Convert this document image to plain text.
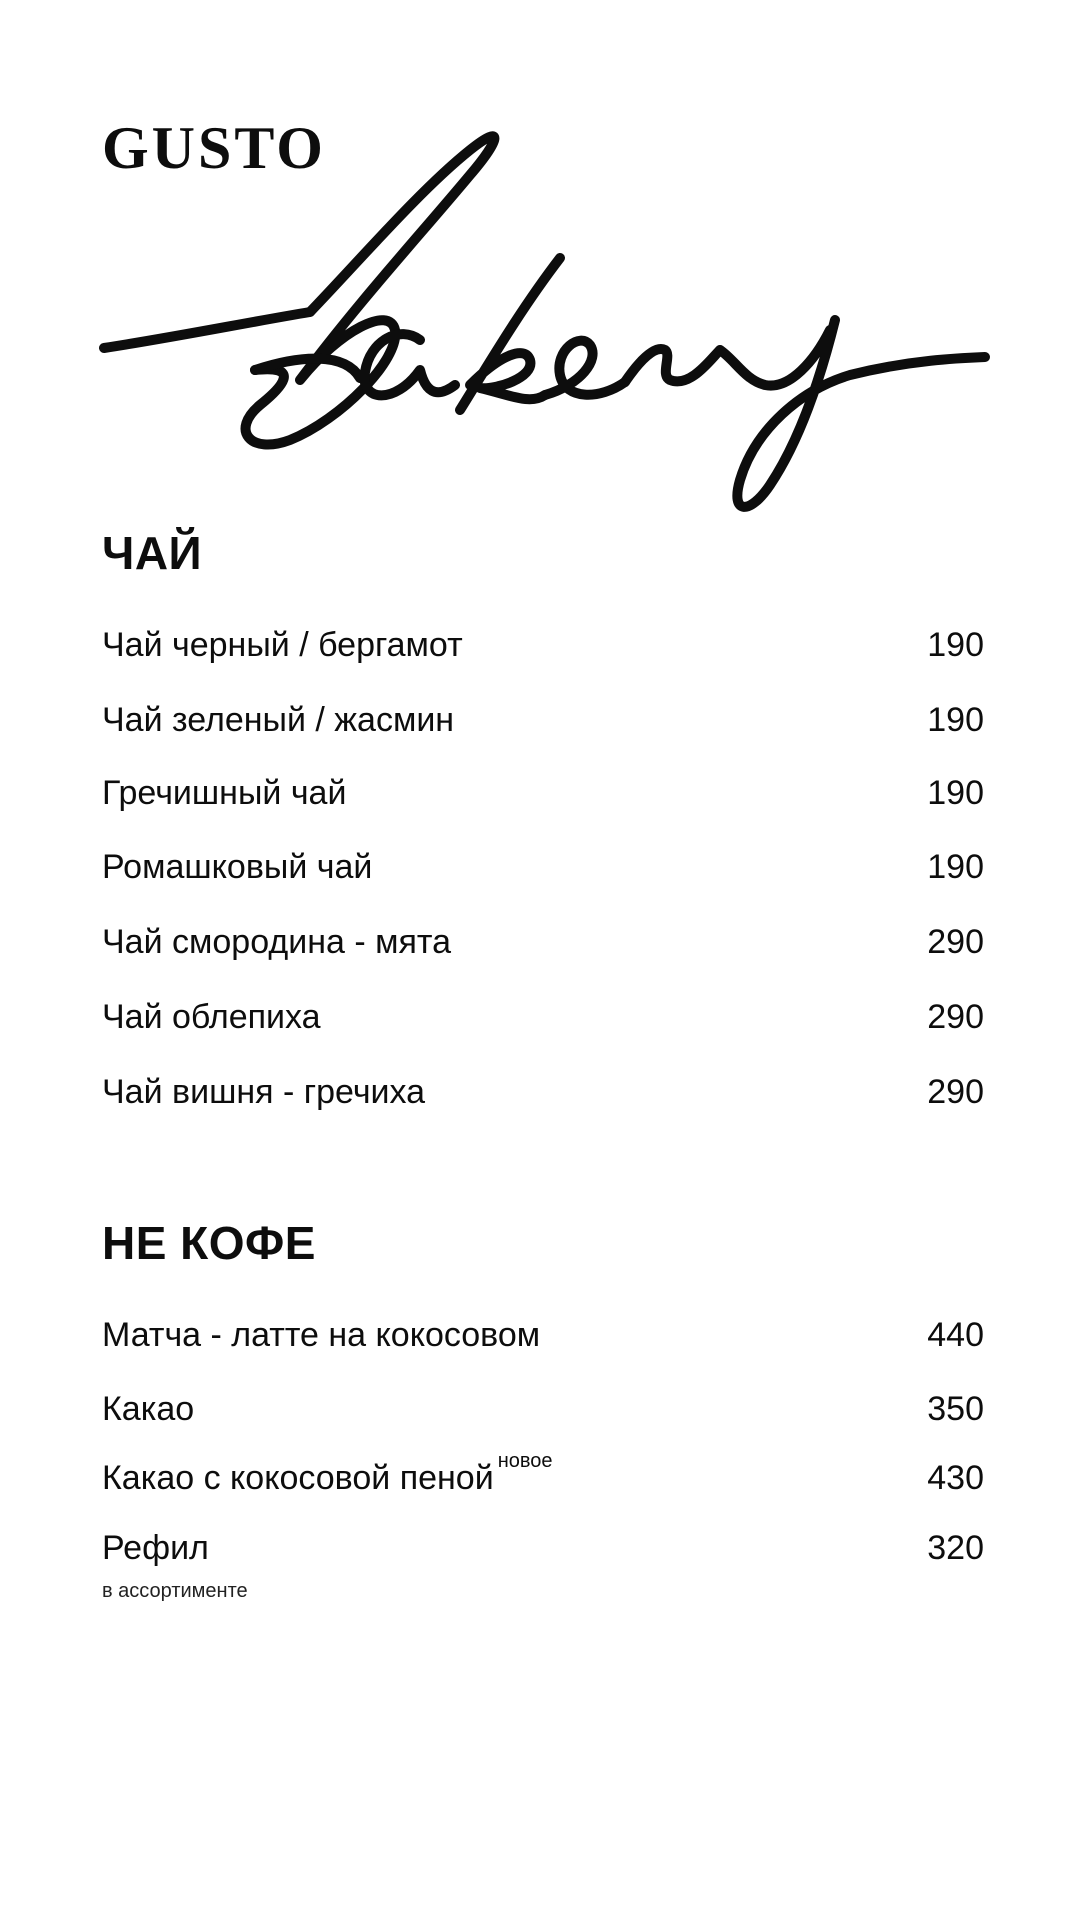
GUSTO
ЧАЙ
Чай черный / бергамот	190
Чай зеленый / жасмин	190
Гречишный чай	190
Ромашковый чай	190
Чай смородина - мята	290
Чай облепиха	290
Чай вишня - гречиха	290
НЕ КОФЕ
Матча - латте на кокосовом	440
Какао	350
Какао с кокосовой пеной $^{новое}$	430
Рефил	320
в ассортименте
